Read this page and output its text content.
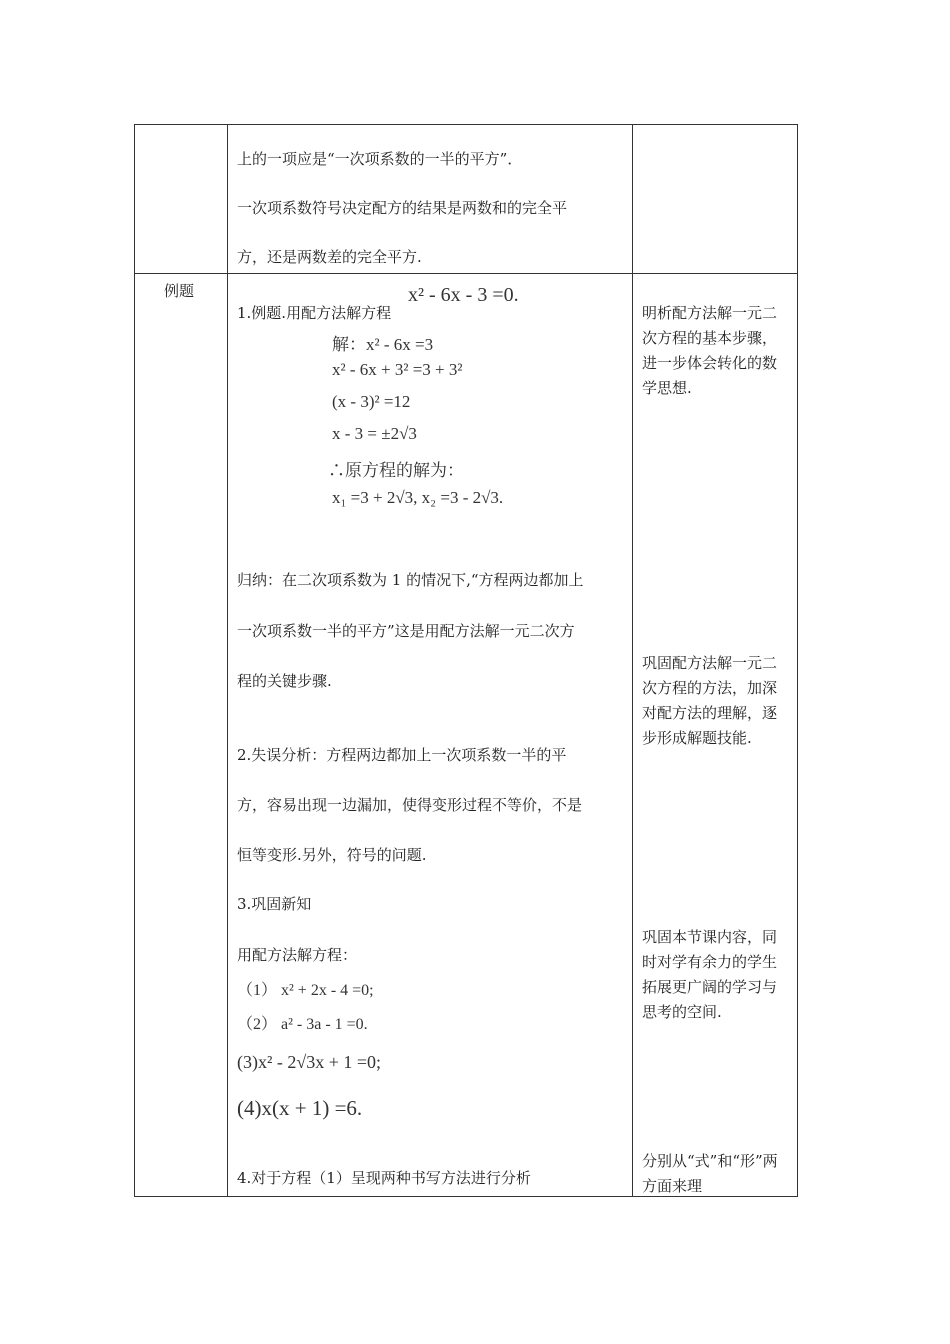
上的一项应是“一次项系数的一半的平方”．
一次项系数符号决定配方的结果是两数和的完全平
方，还是两数差的完全平方.
例题	x² - 6x - 3 =0.
1.例题.用配方法解方程
解：x² - 6x =3
x² - 6x + 3² =3 + 3²
(x - 3)² =12
x - 3 = ±2√3
∴原方程的解为：
x₁ =3 + 2√3, x₂ =3 - 2√3.
归纳：在二次项系数为 1 的情况下,“方程两边都加上
一次项系数一半的平方”这是用配方法解一元二次方
程的关键步骤.
2.失误分析：方程两边都加上一次项系数一半的平
方，容易出现一边漏加，使得变形过程不等价，不是
恒等变形.另外，符号的问题.
3.巩固新知
用配方法解方程：
（1） x² + 2x - 4 =0;
（2） a² - 3a - 1 =0.
(3)x² - 2√3x + 1 =0;
(4)x(x + 1) =6.
4.对于方程（1）呈现两种书写方法进行分析
明析配方法解一元二次方程的基本步骤，进一步体会转化的数学思想.
巩固配方法解一元二次方程的方法，加深对配方法的理解，逐步形成解题技能.
巩固本节课内容，同时对学有余力的学生拓展更广阔的学习与思考的空间.
分别从“式”和“形”两方面来理
